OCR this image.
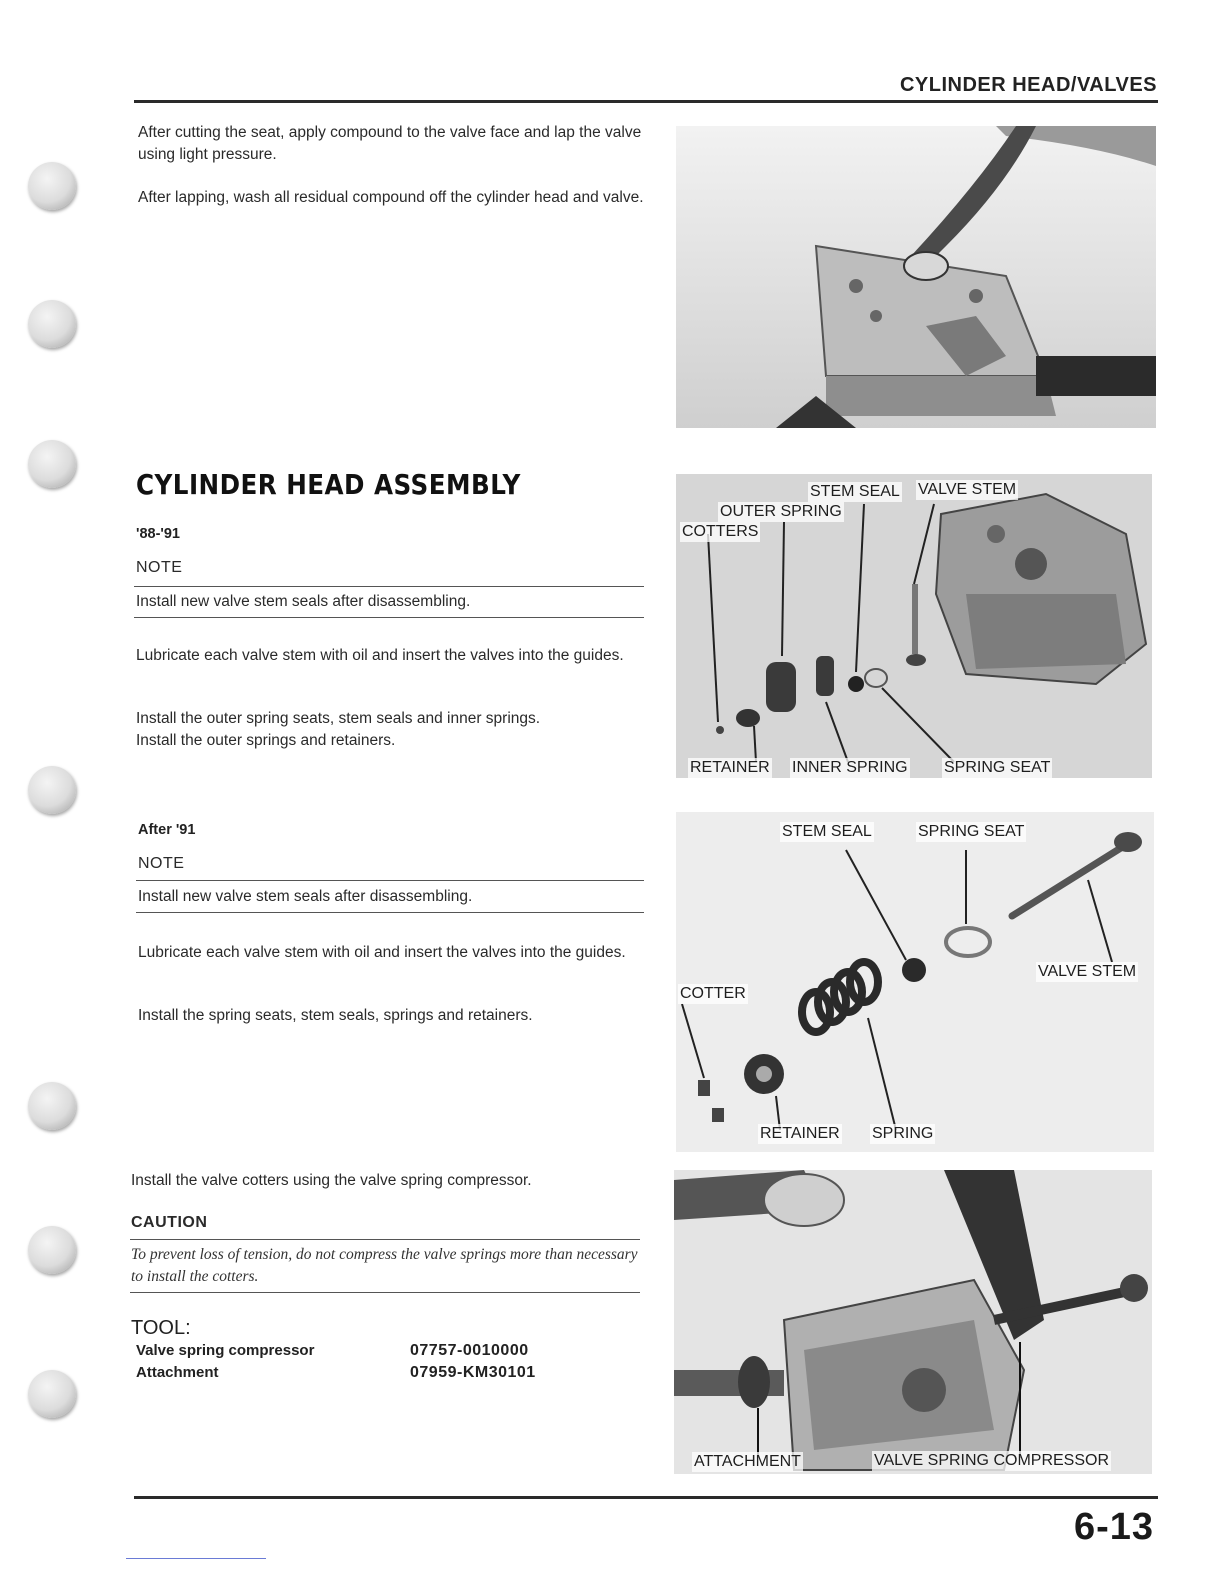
CYLINDER HEAD/VALVES
After cutting the seat, apply compound to the valve face and lap the valve using light pressure.
After lapping, wash all residual compound off the cylinder head and valve.
CYLINDER HEAD ASSEMBLY
'88-'91
NOTE
Install new valve stem seals after disassembling.
Lubricate each valve stem with oil and insert the valves into the guides.
Install the outer spring seats, stem seals and inner springs.
Install the outer springs and retainers.
STEM SEAL VALVE STEM
OUTER SPRING
COTTERS
RETAINER INNER SPRING SPRING SEAT
After '91
NOTE
Install new valve stem seals after disassembling.
Lubricate each valve stem with oil and insert the valves into the guides.
Install the spring seats, stem seals, springs and retainers.
STEM SEAL	SPRING SEAT
VALVE STEM
COTTER
RETAINER SPRING
Install the valve cotters using the valve spring compressor.
CAUTION
To prevent loss of tension, do not compress the valve springs more than necessary to install the cotters.
TOOL:
Valve spring compressor	07757-0010000
Attachment	07959-KM30101
ATTACHMENT	VALVE SPRING COMPRESSOR
6-13
